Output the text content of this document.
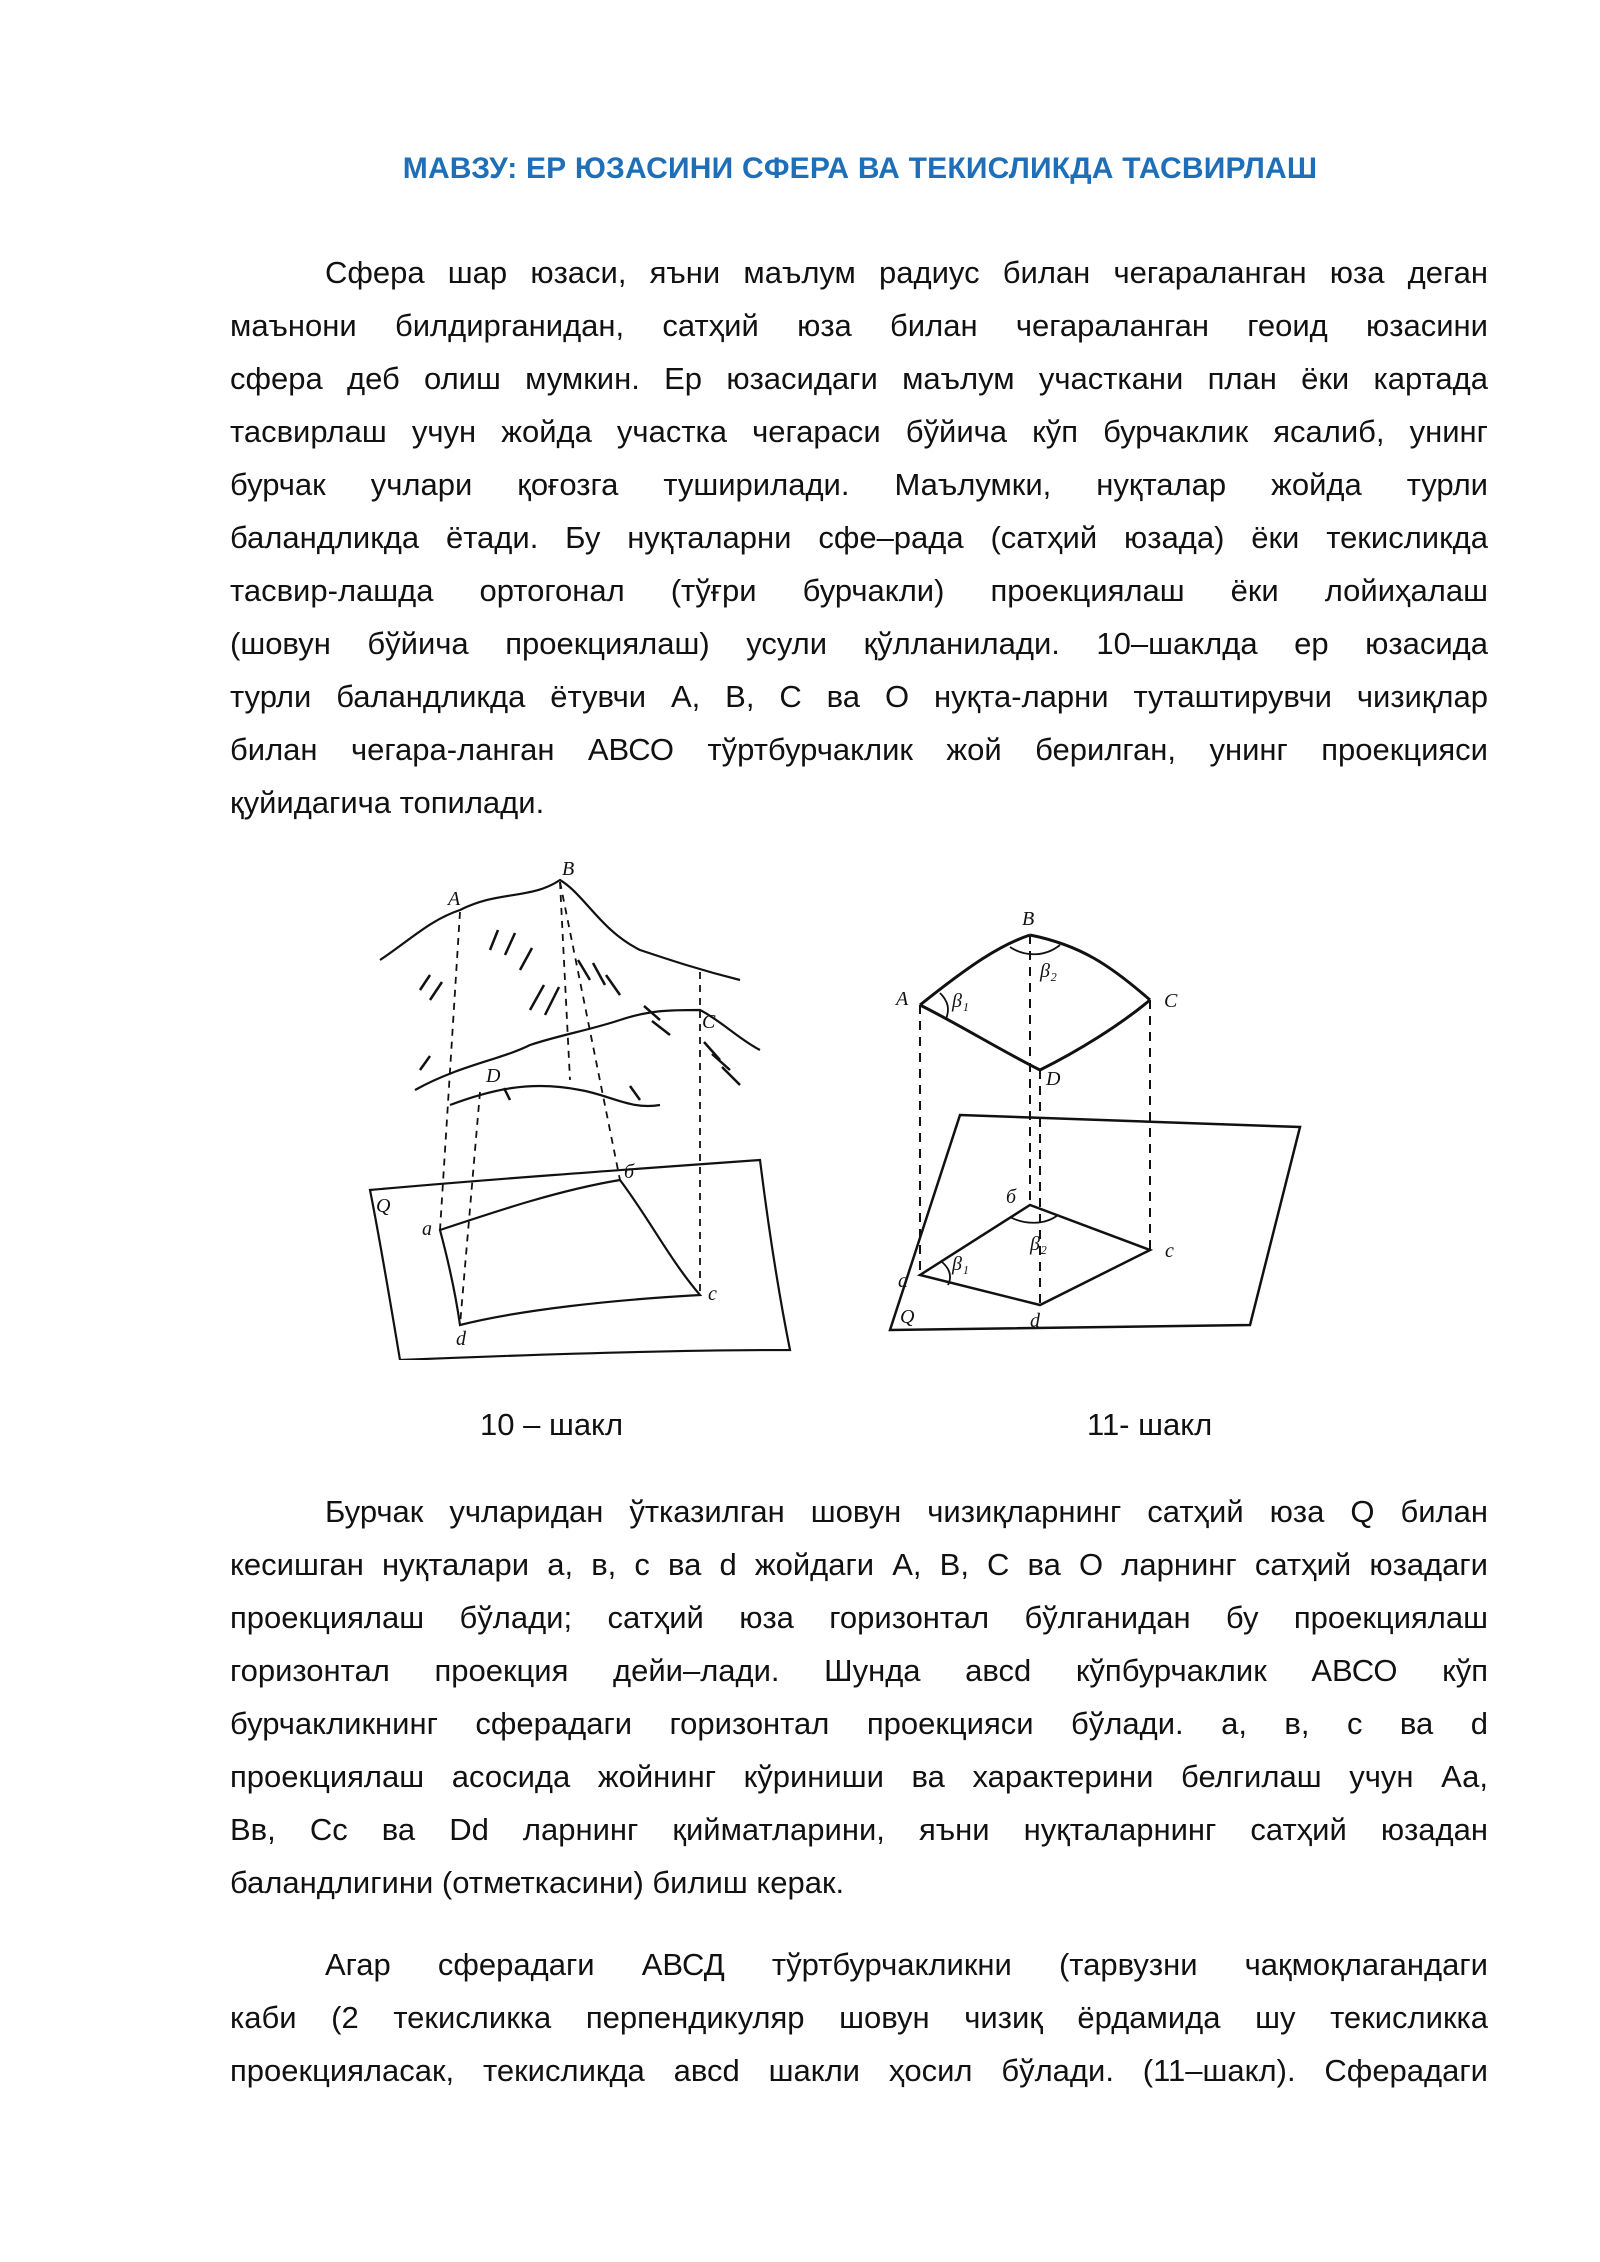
МАВЗУ: ЕР ЮЗАСИНИ СФЕРА ВА ТЕКИСЛИКДА ТАСВИРЛАШ
Сфера шар юзаси, яъни маълум радиус билан чегараланган юза деган
маънони билдирганидан, сатҳий юза билан чегараланган геоид юзасини
сфера деб олиш мумкин. Ер юзасидаги маълум участкани план ёки картада
тасвирлаш учун жойда участка чегараси бўйича кўп бурчаклик ясалиб, унинг
бурчак учлари қоғозга туширилади. Маълумки, нуқталар жойда турли
баландликда ётади. Бу нуқталарни сфе–рада (сатҳий юзада) ёки текисликда
тасвир-лашда ортогонал (тўғри бурчакли) проекциялаш ёки лойиҳалаш
(шовун бўйича проекциялаш) усули қўлланилади. 10–шаклда ер юзасида
турли баландликда ётувчи А, В, С ва О нуқта-ларни туташтирувчи чизиқлар
билан чегара-ланган АВСО тўртбурчаклик жой берилган, унинг проекцияси
қуйидагича топилади.
A
B
C
D
a
б
c
d
Q
B
A	C
D
β₁
β₂
a
б
c
d
Q
β₁
β₂
10 – шакл	11- шакл
Бурчак учларидан ўтказилган шовун чизиқларнинг сатҳий юза Q билан
кесишган нуқталари а, в, с ва d жойдаги А, В, С ва О ларнинг сатҳий юзадаги
проекциялаш бўлади; сатҳий юза горизонтал бўлганидан бу проекциялаш
горизонтал проекция дейи–лади. Шунда авсd кўпбурчаклик АВСО кўп
бурчакликнинг сферадаги горизонтал проекцияси бўлади. а, в, с ва d
проекциялаш асосида жойнинг кўриниши ва характерини белгилаш учун Аа,
Вв, Сс ва Dd ларнинг қийматларини, яъни нуқталарнинг сатҳий юзадан
баландлигини (отметкасини) билиш керак.
Агар сферадаги АВСД тўртбурчакликни (тарвузни чақмоқлагандаги
каби (2 текисликка перпендикуляр шовун чизиқ ёрдамида шу текисликка
проекцияласак, текисликда авсd шакли ҳосил бўлади. (11–шакл). Сферадаги
